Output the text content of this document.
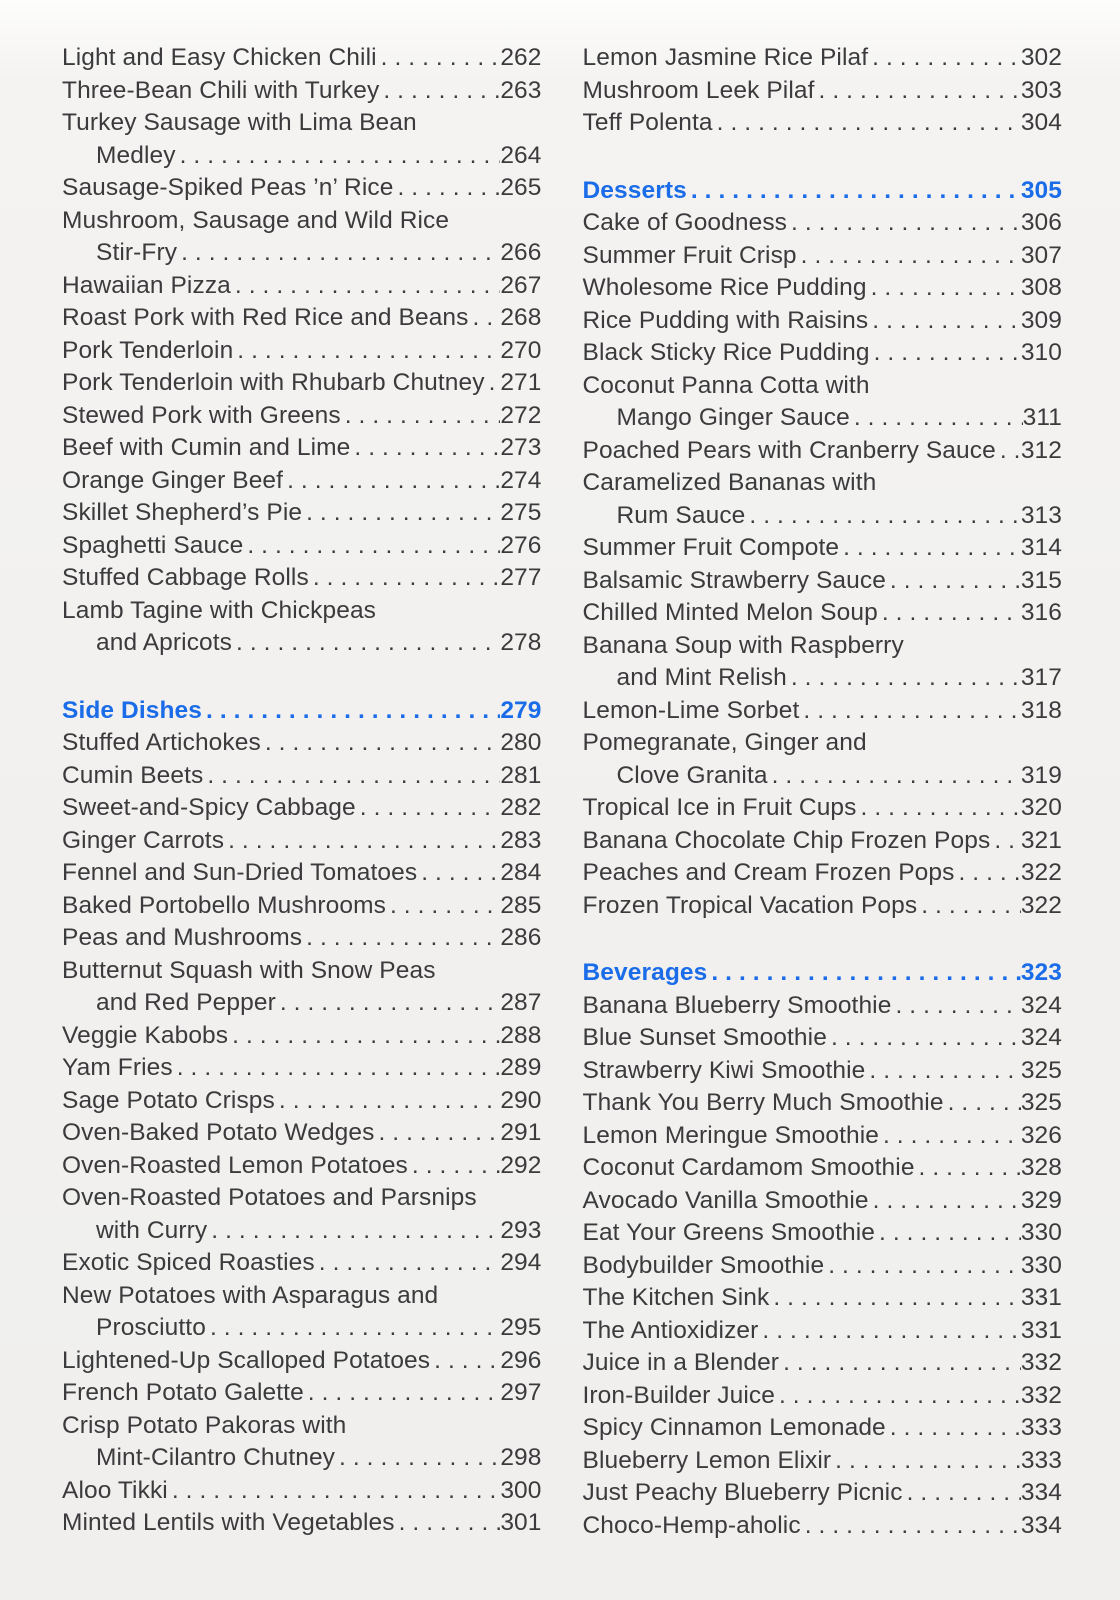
Light and Easy Chicken Chili . . .	262
Three-Bean Chili with Turkey . . .	263
Turkey Sausage with Lima Bean
Medley . . .	264
Sausage-Spiked Peas ’n’ Rice . . .	265
Mushroom, Sausage and Wild Rice
Stir-Fry . . .	266
Hawaiian Pizza . . .	267
Roast Pork with Red Rice and Beans . . . 268
Pork Tenderloin . . .	270
Pork Tenderloin with Rhubarb Chutney . . . 271
Stewed Pork with Greens . . .	272
Beef with Cumin and Lime . . .	273
Orange Ginger Beef . . .	274
Skillet Shepherd’s Pie . . .	275
Spaghetti Sauce . . .	276
Stuffed Cabbage Rolls . . .	277
Lamb Tagine with Chickpeas
and Apricots . . .	278
Side Dishes . . .	279
Stuffed Artichokes . . .	280
Cumin Beets . . .	281
Sweet-and-Spicy Cabbage . . .	282
Ginger Carrots . . .	283
Fennel and Sun-Dried Tomatoes . . .	284
Baked Portobello Mushrooms . . .	285
Peas and Mushrooms . . .	286
Butternut Squash with Snow Peas
and Red Pepper . . .	287
Veggie Kabobs . . .	288
Yam Fries . . .	289
Sage Potato Crisps . . .	290
Oven-Baked Potato Wedges . . .	291
Oven-Roasted Lemon Potatoes . . .	292
Oven-Roasted Potatoes and Parsnips
with Curry . . .	293
Exotic Spiced Roasties . . .	294
New Potatoes with Asparagus and
Prosciutto . . .	295
Lightened-Up Scalloped Potatoes . . .	296
French Potato Galette . . .	297
Crisp Potato Pakoras with
Mint-Cilantro Chutney . . .	298
Aloo Tikki . . .	300
Minted Lentils with Vegetables . . .	301
Lemon Jasmine Rice Pilaf . . .	302
Mushroom Leek Pilaf . . .	303
Teff Polenta . . .	304
Desserts . . .	305
Cake of Goodness . . .	306
Summer Fruit Crisp . . .	307
Wholesome Rice Pudding . . .	308
Rice Pudding with Raisins . . .	309
Black Sticky Rice Pudding . . .	310
Coconut Panna Cotta with
Mango Ginger Sauce . . .	311
Poached Pears with Cranberry Sauce . . . 312
Caramelized Bananas with
Rum Sauce . . .	313
Summer Fruit Compote . . .	314
Balsamic Strawberry Sauce . . .	315
Chilled Minted Melon Soup . . .	316
Banana Soup with Raspberry
and Mint Relish . . .	317
Lemon-Lime Sorbet . . .	318
Pomegranate, Ginger and
Clove Granita . . .	319
Tropical Ice in Fruit Cups . . .	320
Banana Chocolate Chip Frozen Pops . . . 321
Peaches and Cream Frozen Pops . . .	322
Frozen Tropical Vacation Pops . . .	322
Beverages . . .	323
Banana Blueberry Smoothie . . .	324
Blue Sunset Smoothie . . .	324
Strawberry Kiwi Smoothie . . .	325
Thank You Berry Much Smoothie . . .	325
Lemon Meringue Smoothie . . .	326
Coconut Cardamom Smoothie . . .	328
Avocado Vanilla Smoothie . . .	329
Eat Your Greens Smoothie . . .	330
Bodybuilder Smoothie . . .	330
The Kitchen Sink . . .	331
The Antioxidizer . . .	331
Juice in a Blender . . .	332
Iron-Builder Juice . . .	332
Spicy Cinnamon Lemonade . . .	333
Blueberry Lemon Elixir . . .	333
Just Peachy Blueberry Picnic . . .	334
Choco-Hemp-aholic . . .	334
